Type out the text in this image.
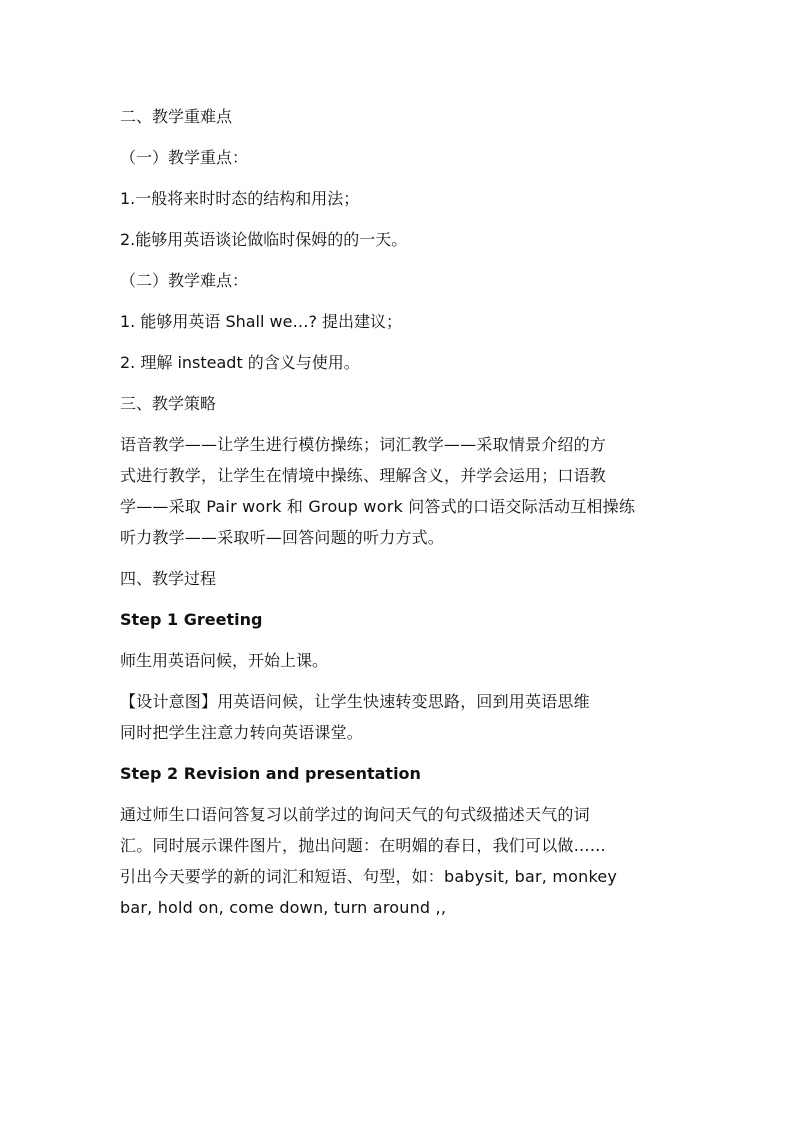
二、教学重难点

（一）教学重点：

1.一般将来时时态的结构和用法；

2.能够用英语谈论做临时保姆的的一天。

（二）教学难点：

1. 能够用英语 Shall we…? 提出建议；

2. 理解 insteadt 的含义与使用。

三、教学策略

语音教学——让学生进行模仿操练；词汇教学——采取情景介绍的方

式进行教学，让学生在情境中操练、理解含义，并学会运用；口语教

学——采取 Pair work 和 Group work 问答式的口语交际活动互相操练

听力教学——采取听—回答问题的听力方式。

四、教学过程

Step 1 Greeting

师生用英语问候，开始上课。

【设计意图】用英语问候，让学生快速转变思路，回到用英语思维

同时把学生注意力转向英语课堂。

Step 2 Revision and presentation

通过师生口语问答复习以前学过的询问天气的句式级描述天气的词

汇。同时展示课件图片，抛出问题：在明媚的春日，我们可以做……

引出今天要学的新的词汇和短语、句型，如：babysit, bar, monkey

bar, hold on, come down, turn around ,,
